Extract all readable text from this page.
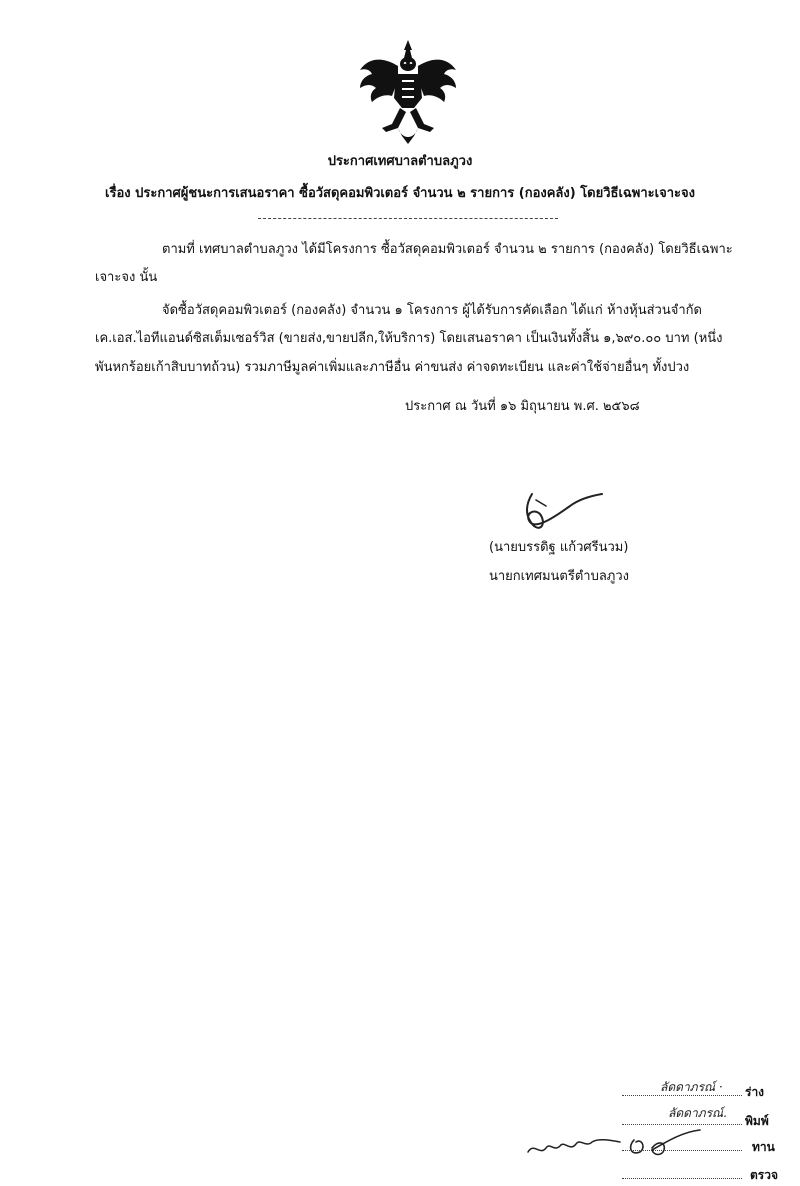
ประกาศเทศบาลตำบลภูวง
เรื่อง ประกาศผู้ชนะการเสนอราคา ซื้อวัสดุคอมพิวเตอร์ จำนวน ๒ รายการ (กองคลัง) โดยวิธีเฉพาะเจาะจง
ตามที่ เทศบาลตำบลภูวง ได้มีโครงการ ซื้อวัสดุคอมพิวเตอร์ จำนวน ๒ รายการ (กองคลัง) โดยวิธีเฉพาะ
เจาะจง นั้น
จัดซื้อวัสดุคอมพิวเตอร์ (กองคลัง) จำนวน ๑ โครงการ ผู้ได้รับการคัดเลือก ได้แก่ ห้างหุ้นส่วนจำกัด
เค.เอส.ไอทีแอนด์ซิสเต็มเซอร์วิส (ขายส่ง,ขายปลีก,ให้บริการ) โดยเสนอราคา เป็นเงินทั้งสิ้น ๑,๖๙๐.๐๐ บาท (หนึ่ง
พันหกร้อยเก้าสิบบาทถ้วน) รวมภาษีมูลค่าเพิ่มและภาษีอื่น ค่าขนส่ง ค่าจดทะเบียน และค่าใช้จ่ายอื่นๆ ทั้งปวง
ประกาศ ณ วันที่ ๑๖ มิถุนายน พ.ศ. ๒๕๖๘
(นายบรรดิฐ แก้วศรีนวม)
นายกเทศมนตรีตำบลภูวง
ลัดดาภรณ์ · ร่าง
ลัดดาภรณ์.
พิมพ์
ทาน
ตรวจ
